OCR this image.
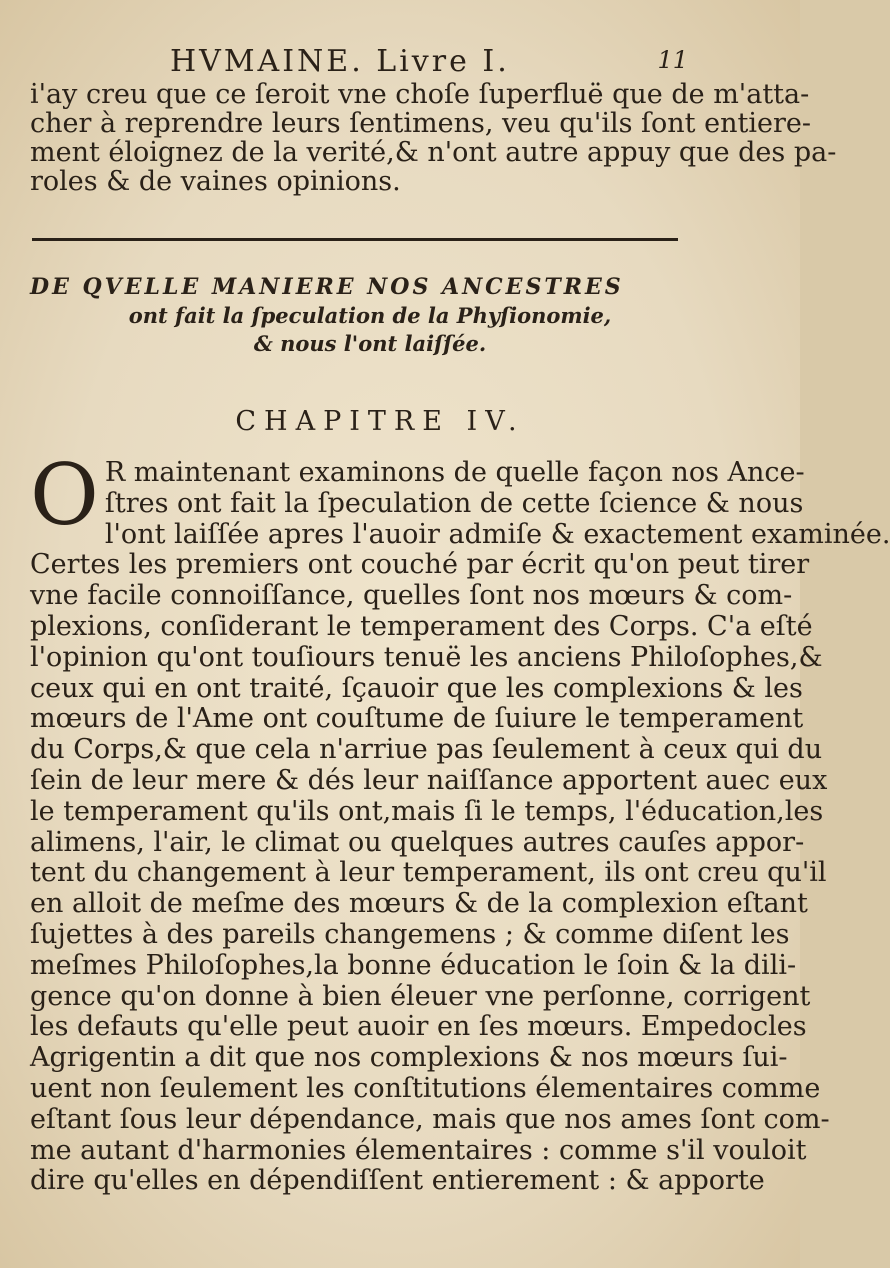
HVMAINE. Livre I.	11
i'ay creu que ce ſeroit vne choſe ſuperfluë que de m'atta-
cher à reprendre leurs ſentimens, veu qu'ils ſont entiere-
ment éloignez de la verité,& n'ont autre appuy que des pa-
roles & de vaines opinions.
DE QVELLE MANIERE NOS ANCESTRES
ont fait la ſpeculation de la Phyſionomie,
& nous l'ont laiſſée.
CHAPITRE IV.
O R maintenant examinons de quelle façon nos Ance-
ſtres ont fait la ſpeculation de cette ſcience & nous
l'ont laiſſée apres l'auoir admiſe & exactement examinée.
Certes les premiers ont couché par écrit qu'on peut tirer
vne facile connoiſſance, quelles ſont nos mœurs & com-
plexions, conſiderant le temperament des Corps. C'a eſté
l'opinion qu'ont touſiours tenuë les anciens Philoſophes,&
ceux qui en ont traité, ſçauoir que les complexions & les
mœurs de l'Ame ont couſtume de ſuiure le temperament
du Corps,& que cela n'arriue pas ſeulement à ceux qui du
ſein de leur mere & dés leur naiſſance apportent auec eux
le temperament qu'ils ont,mais ſi le temps, l'éducation,les
alimens, l'air, le climat ou quelques autres cauſes appor-
tent du changement à leur temperament, ils ont creu qu'il
en alloit de meſme des mœurs & de la complexion eſtant
ſujettes à des pareils changemens ; & comme diſent les
meſmes Philoſophes,la bonne éducation le ſoin & la dili-
gence qu'on donne à bien éleuer vne perſonne, corrigent
les defauts qu'elle peut auoir en ſes mœurs. Empedocles
Agrigentin a dit que nos complexions & nos mœurs ſui-
uent non ſeulement les conſtitutions élementaires comme
eſtant ſous leur dépendance, mais que nos ames ſont com-
me autant d'harmonies élementaires : comme s'il vouloit
dire qu'elles en dépendiſſent entierement : & apporte
